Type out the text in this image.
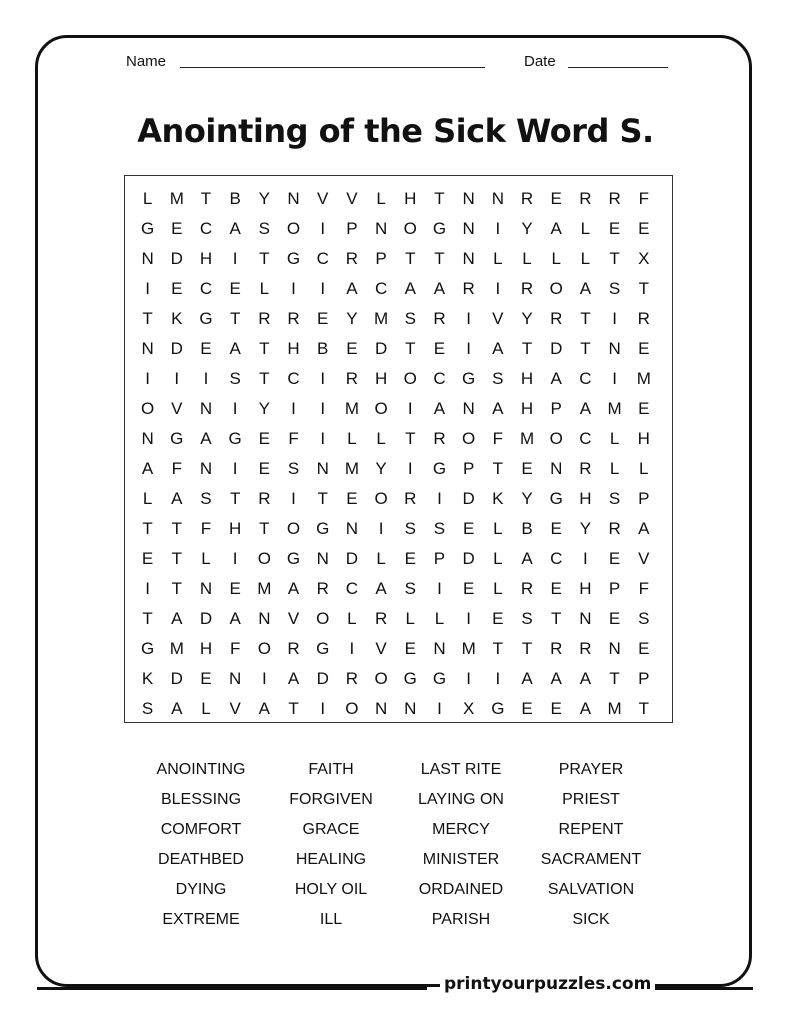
Name	Date
Anointing of the Sick Word S.
L	M T	B	Y	N	V	V	L	H	T	N N R	E	R R	F
G E	C	A	S O	I	P	N O G N	I	Y	A	L	E	E
N D H	I	T	G C R	P	T	T	N	L	L	L	L	T	X
I	E	C	E	L	I	I	A	C	A	A	R	I	R O A	S	T
T	K G	T	R R	E	Y M S	R	I	V	Y	R	T	I	R
N D	E	A	T	H	B	E	D	T	E	I	A	T	D	T	N	E
I	I	I	S	T	C	I	R H O C G S	H	A	C	I	M
O V	N	I	Y	I	I	M O	I	A	N	A	H	P	A M E
N G A G E	F	I	L	L	T	R O	F M O C	L	H
A	F	N	I	E	S	N M Y	I	G P	T	E	N R	L	L
L	A	S	T	R	I	T	E O R	I	D	K	Y G H	S	P
T	T	F	H	T	O G N	I	S	S	E	L	B	E	Y	R	A
E	T	L	I	O G N D	L	E	P	D	L	A	C	I	E	V
I	T	N	E M A	R C	A	S	I	E	L	R	E	H	P	F
T	A	D	A	N	V O	L	R	L	L	I	E	S	T	N	E	S
G M H	F	O R G	I	V	E	N M T	T	R R N	E
K	D	E	N	I	A	D R O G G	I	I	A	A	A	T	P
S	A	L	V	A	T	I	O N N	I	X G E	E	A M T
ANOINTING	FAITH	LAST RITE	PRAYER
BLESSING	FORGIVEN	LAYING ON	PRIEST
COMFORT	GRACE	MERCY	REPENT
DEATHBED	HEALING	MINISTER	SACRAMENT
DYING	HOLY OIL	ORDAINED	SALVATION
EXTREME	ILL	PARISH	SICK
printyourpuzzles.com
